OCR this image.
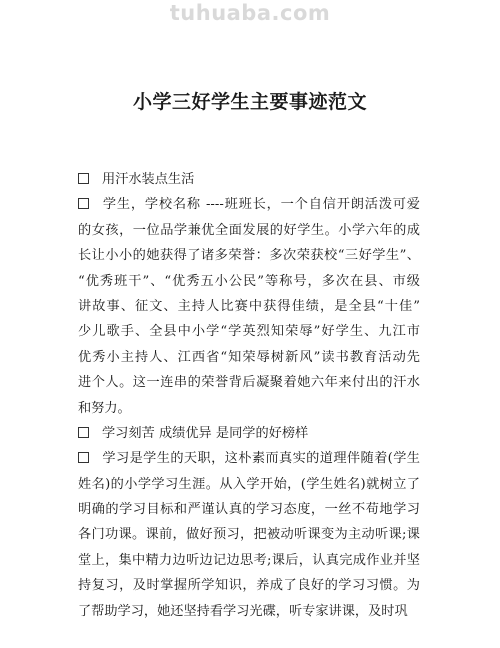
tuhuaba.com
小学三好学生主要事迹范文
用汗水装点生活
学生，学校名称 ----班班长，一个自信开朗活泼可爱
的女孩，一位品学兼优全面发展的好学生。小学六年的成
长让小小的她获得了诸多荣誉：多次荣获校“三好学生”、
“优秀班干”、“优秀五小公民”等称号，多次在县、市级
讲故事、征文、主持人比赛中获得佳绩，是全县“十佳”
少儿歌手、全县中小学“学英烈知荣辱”好学生、九江市
优秀小主持人、江西省“知荣辱树新风”读书教育活动先
进个人。这一连串的荣誉背后凝聚着她六年来付出的汗水
和努力。
学习刻苦 成绩优异 是同学的好榜样
学习是学生的天职，这朴素而真实的道理伴随着(学生
姓名)的小学学习生涯。从入学开始，(学生姓名)就树立了
明确的学习目标和严谨认真的学习态度，一丝不苟地学习
各门功课。课前，做好预习，把被动听课变为主动听课;课
堂上，集中精力边听边记边思考;课后，认真完成作业并坚
持复习，及时掌握所学知识，养成了良好的学习习惯。为
了帮助学习，她还坚持看学习光碟，听专家讲课，及时巩
